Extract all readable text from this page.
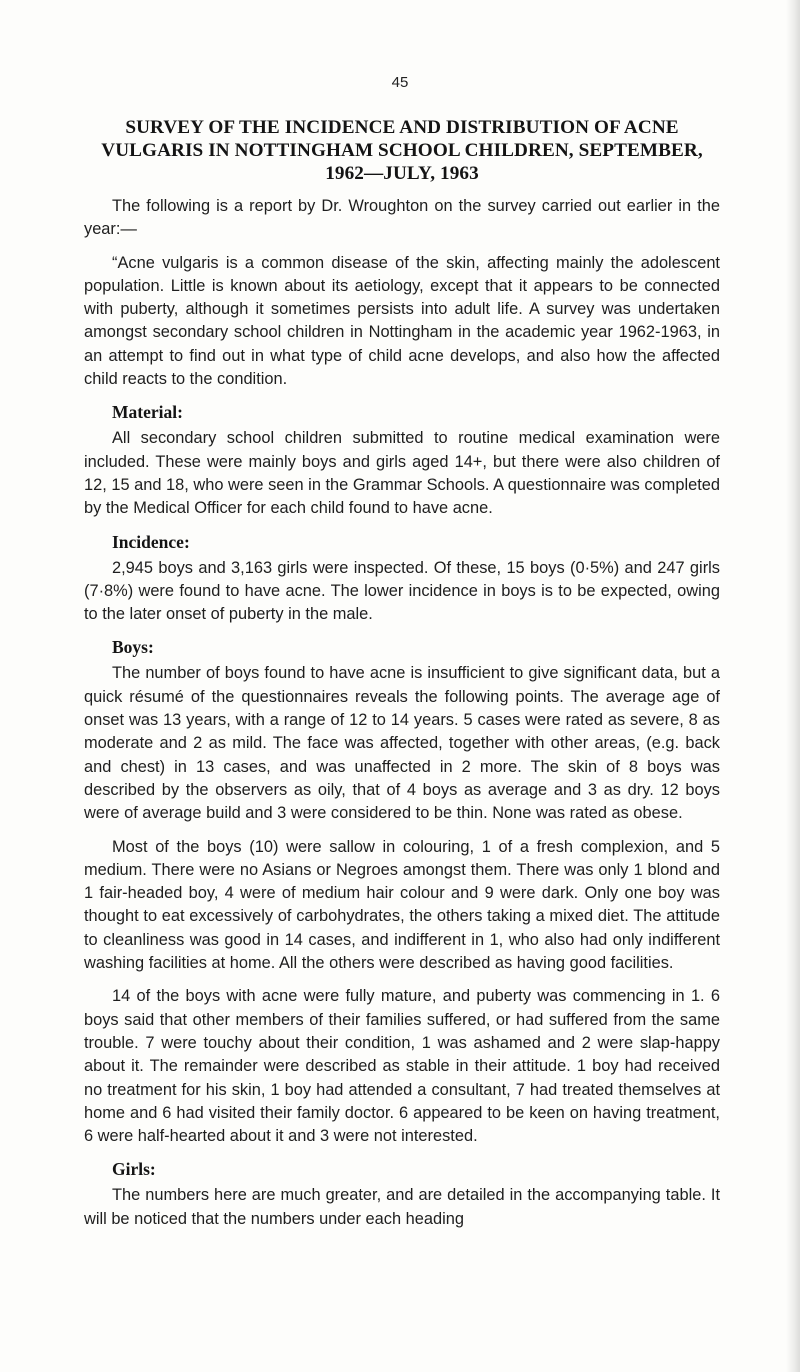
45
SURVEY OF THE INCIDENCE AND DISTRIBUTION OF ACNE
VULGARIS IN NOTTINGHAM SCHOOL CHILDREN, SEPTEMBER,
1962—JULY, 1963

The following is a report by Dr. Wroughton on the survey carried out earlier in the year:—

“Acne vulgaris is a common disease of the skin, affecting mainly the adolescent population. Little is known about its aetiology, except that it appears to be connected with puberty, although it sometimes persists into adult life. A survey was undertaken amongst secondary school children in Nottingham in the academic year 1962-1963, in an attempt to find out in what type of child acne develops, and also how the affected child reacts to the condition.

Material:

All secondary school children submitted to routine medical examination were included. These were mainly boys and girls aged 14+, but there were also children of 12, 15 and 18, who were seen in the Grammar Schools. A questionnaire was completed by the Medical Officer for each child found to have acne.

Incidence:

2,945 boys and 3,163 girls were inspected. Of these, 15 boys (0·5%) and 247 girls (7·8%) were found to have acne. The lower incidence in boys is to be expected, owing to the later onset of puberty in the male.

Boys:

The number of boys found to have acne is insufficient to give significant data, but a quick résumé of the questionnaires reveals the following points. The average age of onset was 13 years, with a range of 12 to 14 years. 5 cases were rated as severe, 8 as moderate and 2 as mild. The face was affected, together with other areas, (e.g. back and chest) in 13 cases, and was unaffected in 2 more. The skin of 8 boys was described by the observers as oily, that of 4 boys as average and 3 as dry. 12 boys were of average build and 3 were considered to be thin. None was rated as obese.

Most of the boys (10) were sallow in colouring, 1 of a fresh complexion, and 5 medium. There were no Asians or Negroes amongst them. There was only 1 blond and 1 fair-headed boy, 4 were of medium hair colour and 9 were dark. Only one boy was thought to eat excessively of carbohydrates, the others taking a mixed diet. The attitude to cleanliness was good in 14 cases, and indifferent in 1, who also had only indifferent washing facilities at home. All the others were described as having good facilities.

14 of the boys with acne were fully mature, and puberty was commencing in 1. 6 boys said that other members of their families suffered, or had suffered from the same trouble. 7 were touchy about their condition, 1 was ashamed and 2 were slap-happy about it. The remainder were described as stable in their attitude. 1 boy had received no treatment for his skin, 1 boy had attended a consultant, 7 had treated themselves at home and 6 had visited their family doctor. 6 appeared to be keen on having treatment, 6 were half-hearted about it and 3 were not interested.

Girls:

The numbers here are much greater, and are detailed in the accompanying table. It will be noticed that the numbers under each heading
